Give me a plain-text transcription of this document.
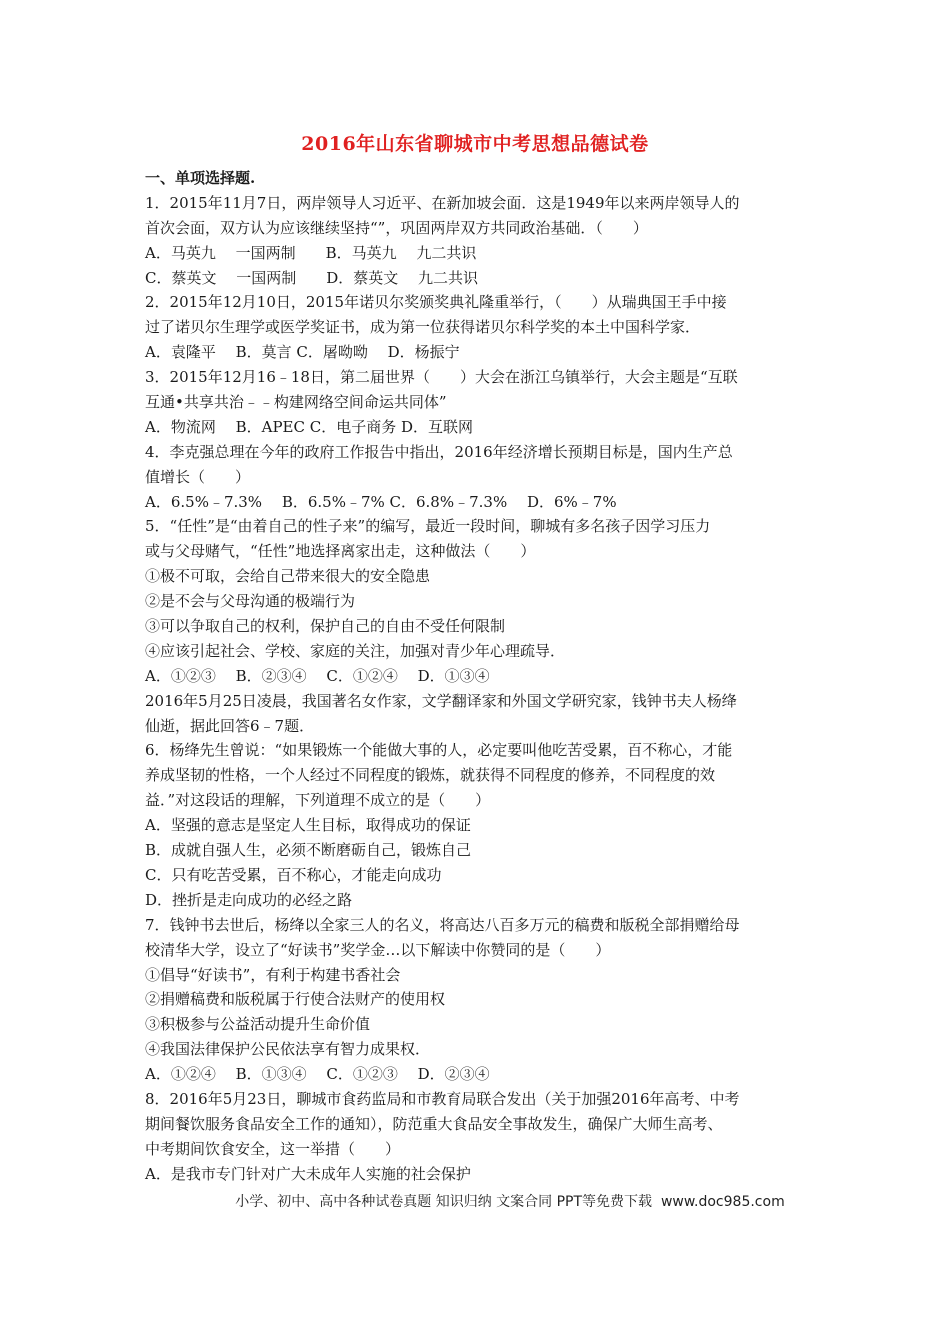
2016年山东省聊城市中考思想品德试卷
一、单项选择题.
1．2015年11月7日，两岸领导人习近平、在新加坡会面．这是1949年以来两岸领导人的
首次会面，双方认为应该继续坚持“”，巩固两岸双方共同政治基础．（　　）
A．马英九　 一国两制　　B．马英九　 九二共识
C．蔡英文　 一国两制　　D．蔡英文　 九二共识
2．2015年12月10日，2015年诺贝尔奖颁奖典礼隆重举行，（　　）从瑞典国王手中接
过了诺贝尔生理学或医学奖证书，成为第一位获得诺贝尔科学奖的本土中国科学家．
A．袁隆平　 B．莫言 C．屠呦呦　 D．杨振宁
3．2015年12月16﹣18日，第二届世界（　　）大会在浙江乌镇举行，大会主题是“互联
互通•共享共治﹣﹣构建网络空间命运共同体”
A．物流网　 B．APEC C．电子商务 D．互联网
4．李克强总理在今年的政府工作报告中指出，2016年经济增长预期目标是，国内生产总
值增长（　　）
A．6.5%﹣7.3%　 B．6.5%﹣7% C．6.8%﹣7.3%　 D．6%﹣7%
5．“任性”是“由着自己的性子来”的编写，最近一段时间，聊城有多名孩子因学习压力
或与父母赌气，“任性”地选择离家出走，这种做法（　　）
①极不可取，会给自己带来很大的安全隐患
②是不会与父母沟通的极端行为
③可以争取自己的权利，保护自己的自由不受任何限制
④应该引起社会、学校、家庭的关注，加强对青少年心理疏导．
A．①②③　 B．②③④　 C．①②④　 D．①③④
2016年5月25日凌晨，我国著名女作家，文学翻译家和外国文学研究家，钱钟书夫人杨绛
仙逝，据此回答6﹣7题．
6．杨绛先生曾说：“如果锻炼一个能做大事的人，必定要叫他吃苦受累，百不称心，才能
养成坚韧的性格，一个人经过不同程度的锻炼，就获得不同程度的修养，不同程度的效
益．”对这段话的理解，下列道理不成立的是（　　）
A．坚强的意志是坚定人生目标，取得成功的保证
B．成就自强人生，必须不断磨砺自己，锻炼自己
C．只有吃苦受累，百不称心，才能走向成功
D．挫折是走向成功的必经之路
7．钱钟书去世后，杨绛以全家三人的名义，将高达八百多万元的稿费和版税全部捐赠给母
校清华大学，设立了“好读书”奖学金…以下解读中你赞同的是（　　）
①倡导“好读书”，有利于构建书香社会
②捐赠稿费和版税属于行使合法财产的使用权
③积极参与公益活动提升生命价值
④我国法律保护公民依法享有智力成果权．
A．①②④　 B．①③④　 C．①②③　 D．②③④
8．2016年5月23日，聊城市食药监局和市教育局联合发出（关于加强2016年高考、中考
期间餐饮服务食品安全工作的通知），防范重大食品安全事故发生，确保广大师生高考、
中考期间饮食安全，这一举措（　　）
A．是我市专门针对广大未成年人实施的社会保护
小学、初中、高中各种试卷真题 知识归纳 文案合同 PPT等免费下载 www.doc985.com
